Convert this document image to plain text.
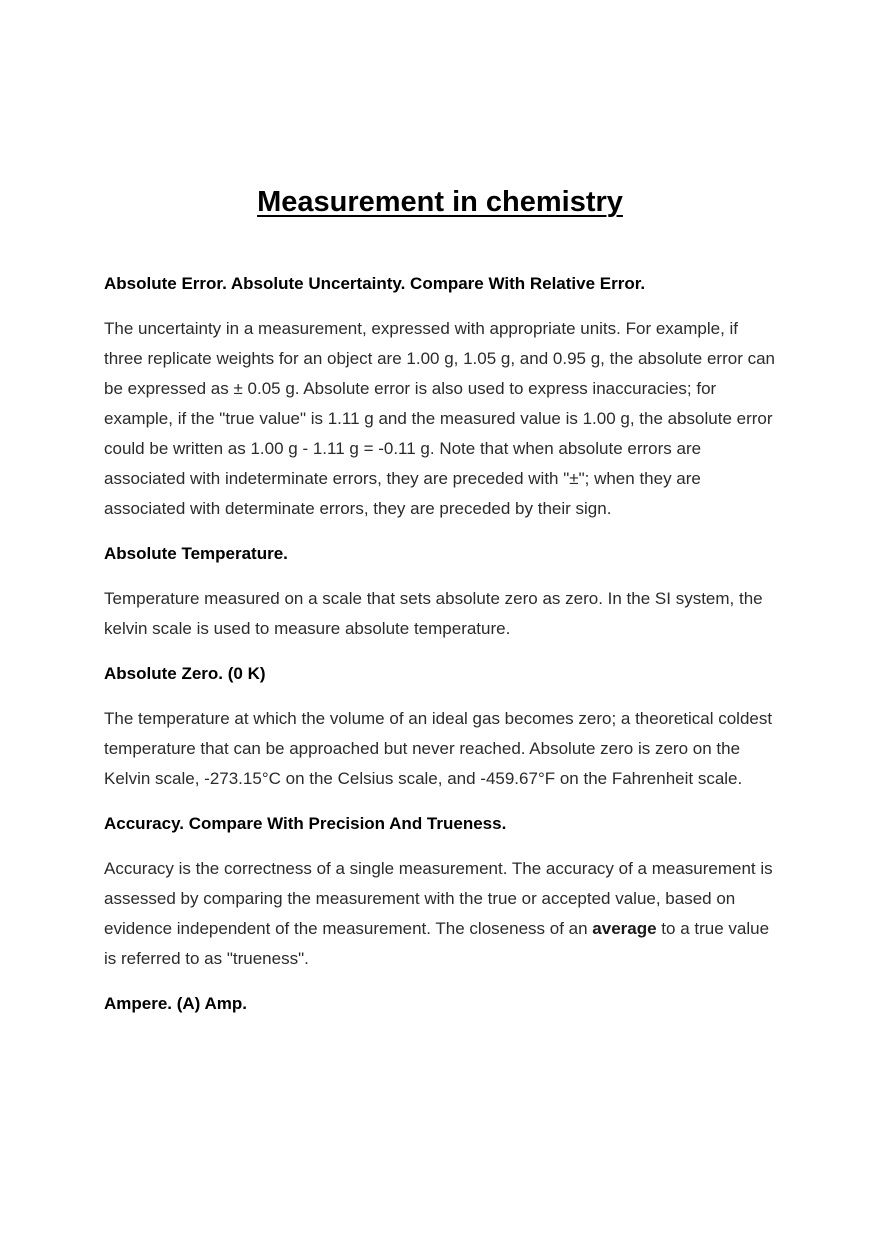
Measurement in chemistry

Absolute Error. Absolute Uncertainty. Compare With Relative Error.

The uncertainty in a measurement, expressed with appropriate units. For example, if three replicate weights for an object are 1.00 g, 1.05 g, and 0.95 g, the absolute error can be expressed as ± 0.05 g. Absolute error is also used to express inaccuracies; for example, if the "true value" is 1.11 g and the measured value is 1.00 g, the absolute error could be written as 1.00 g - 1.11 g = -0.11 g. Note that when absolute errors are associated with indeterminate errors, they are preceded with "±"; when they are associated with determinate errors, they are preceded by their sign.

Absolute Temperature.

Temperature measured on a scale that sets absolute zero as zero. In the SI system, the kelvin scale is used to measure absolute temperature.

Absolute Zero. (0 K)

The temperature at which the volume of an ideal gas becomes zero; a theoretical coldest temperature that can be approached but never reached. Absolute zero is zero on the Kelvin scale, -273.15°C on the Celsius scale, and -459.67°F on the Fahrenheit scale.

Accuracy. Compare With Precision And Trueness.

Accuracy is the correctness of a single measurement. The accuracy of a measurement is assessed by comparing the measurement with the true or accepted value, based on evidence independent of the measurement. The closeness of an average to a true value is referred to as "trueness".

Ampere. (A) Amp.
